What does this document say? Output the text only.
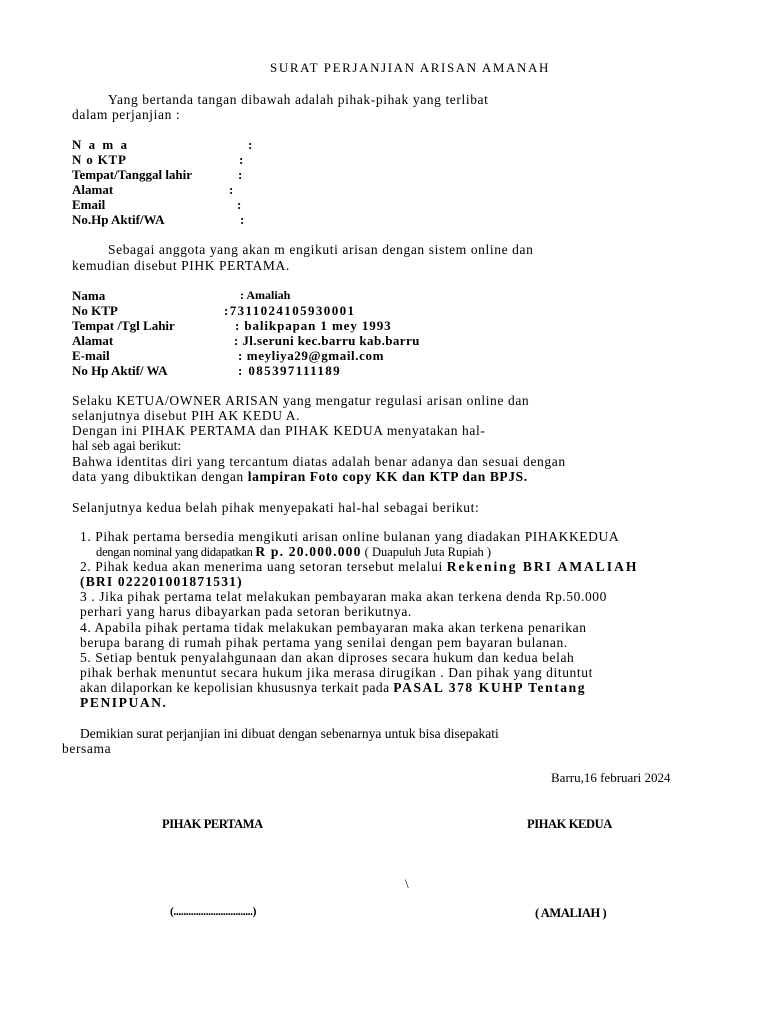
SURAT PERJANJIAN ARISAN AMANAH
Yang bertanda tangan dibawah adalah pihak-pihak yang terlibat
dalam perjanjian :
N a m a	:
N o KTP	:
Tempat/Tanggal lahir	:
Alamat	:
Email	:
No.Hp Aktif/WA	:
Sebagai anggota yang akan m engikuti arisan dengan sistem online dan
kemudian disebut PIHK PERTAMA.
Nama	: Amaliah
No KTP	:7311024105930001
Tempat /Tgl Lahir	: balikpapan 1 mey 1993
Alamat	: Jl.seruni kec.barru kab.barru
E-mail	: meyliya29@gmail.com
No Hp Aktif/ WA	: 085397111189
Selaku KETUA/OWNER ARISAN yang mengatur regulasi arisan online dan
selanjutnya disebut PIH AK KEDU A.
Dengan ini PIHAK PERTAMA dan PIHAK KEDUA menyatakan hal-
hal seb agai berikut:
Bahwa identitas diri yang tercantum diatas adalah benar adanya dan sesuai dengan
data yang dibuktikan dengan lampiran Foto copy KK dan KTP dan BPJS.
Selanjutnya kedua belah pihak menyepakati hal-hal sebagai berikut:
1. Pihak pertama bersedia mengikuti arisan online bulanan yang diadakan PIHAKKEDUA
dengan nominal yang didapatkan R p. 20.000.000 ( Duapuluh Juta Rupiah )
2. Pihak kedua akan menerima uang setoran tersebut melalui Rekening BRI AMALIAH
(BRI 022201001871531)
3 . Jika pihak pertama telat melakukan pembayaran maka akan terkena denda Rp.50.000
perhari yang harus dibayarkan pada setoran berikutnya.
4. Apabila pihak pertama tidak melakukan pembayaran maka akan terkena penarikan
berupa barang di rumah pihak pertama yang senilai dengan pem bayaran bulanan.
5. Setiap bentuk penyalahgunaan dan akan diproses secara hukum dan kedua belah
pihak berhak menuntut secara hukum jika merasa dirugikan . Dan pihak yang dituntut
akan dilaporkan ke kepolisian khususnya terkait pada PASAL 378 KUHP Tentang
PENIPUAN.
Demikian surat perjanjian ini dibuat dengan sebenarnya untuk bisa disepakati
bersama
Barru,16 februari 2024
PIHAK PERTAMA	PIHAK KEDUA
\
(................................)	( AMALIAH )
